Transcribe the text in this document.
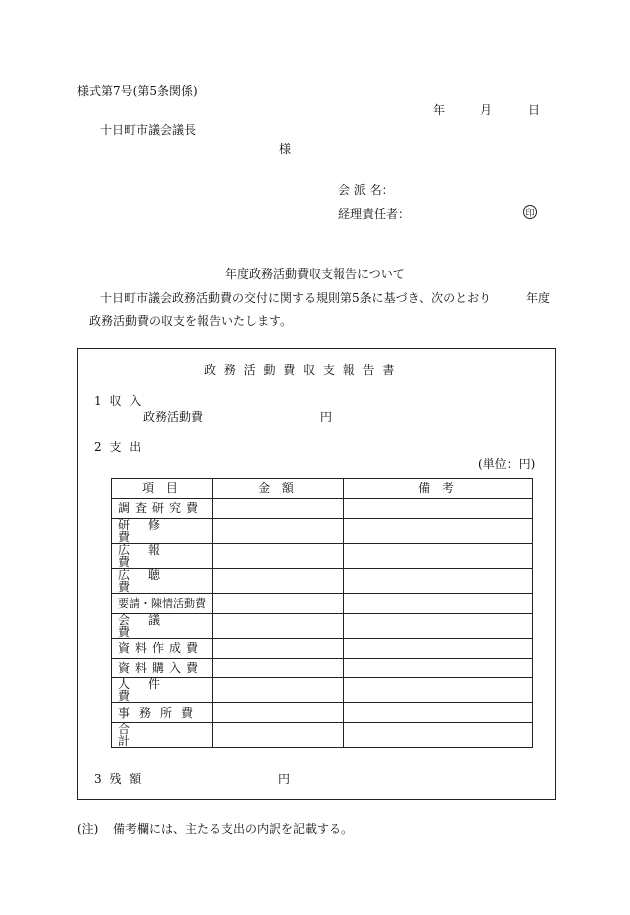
様式第7号(第5条関係)
年	月	日
十日町市議会議長
様
会 派 名：
経理責任者：	印
年度政務活動費収支報告について
十日町市議会政務活動費の交付に関する規則第5条に基づき、次のとおり	年度
政務活動費の収支を報告いたします。
政 務 活 動 費 収 支 報 告 書
1 収 入
政務活動費	円
2 支 出
(単位：円)
項 目	金 額	備 考
調査研究費		
研修費		
広報費		
広聴費		
要請・陳情活動費		
会議費		
資料作成費		
資料購入費		
人件費		
事務所費		
合計		
3 残 額	円
(注) 備考欄には、主たる支出の内訳を記載する。
